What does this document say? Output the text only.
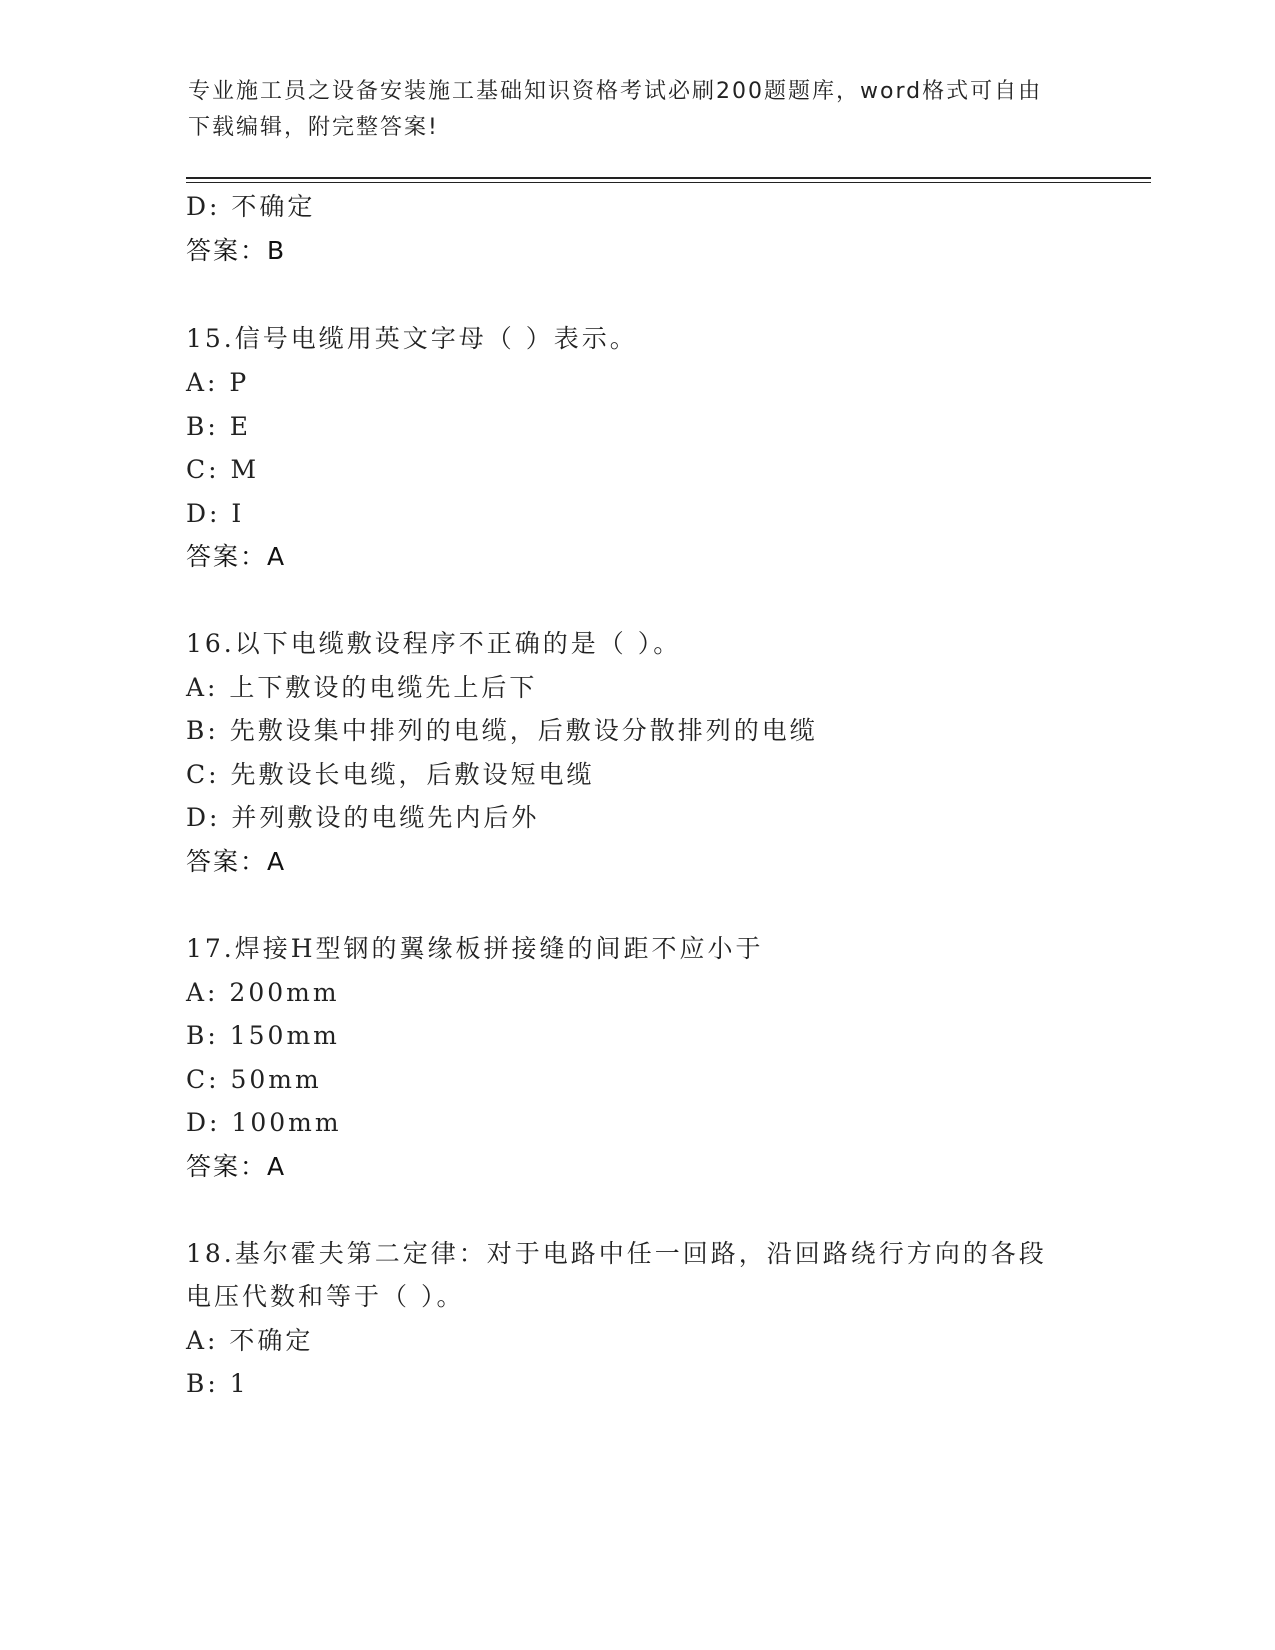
专业施工员之设备安装施工基础知识资格考试必刷200题题库，word格式可自由
下载编辑，附完整答案!
D: 不确定
答案：B
15.信号电缆用英文字母（ ）表示。
A: P
B: E
C: M
D: I
答案：A
16.以下电缆敷设程序不正确的是（ ）。
A: 上下敷设的电缆先上后下
B: 先敷设集中排列的电缆，后敷设分散排列的电缆
C: 先敷设长电缆，后敷设短电缆
D: 并列敷设的电缆先内后外
答案：A
17.焊接H型钢的翼缘板拼接缝的间距不应小于
A: 200mm
B: 150mm
C: 50mm
D: 100mm
答案：A
18.基尔霍夫第二定律：对于电路中任一回路，沿回路绕行方向的各段
电压代数和等于（ ）。
A: 不确定
B: 1
